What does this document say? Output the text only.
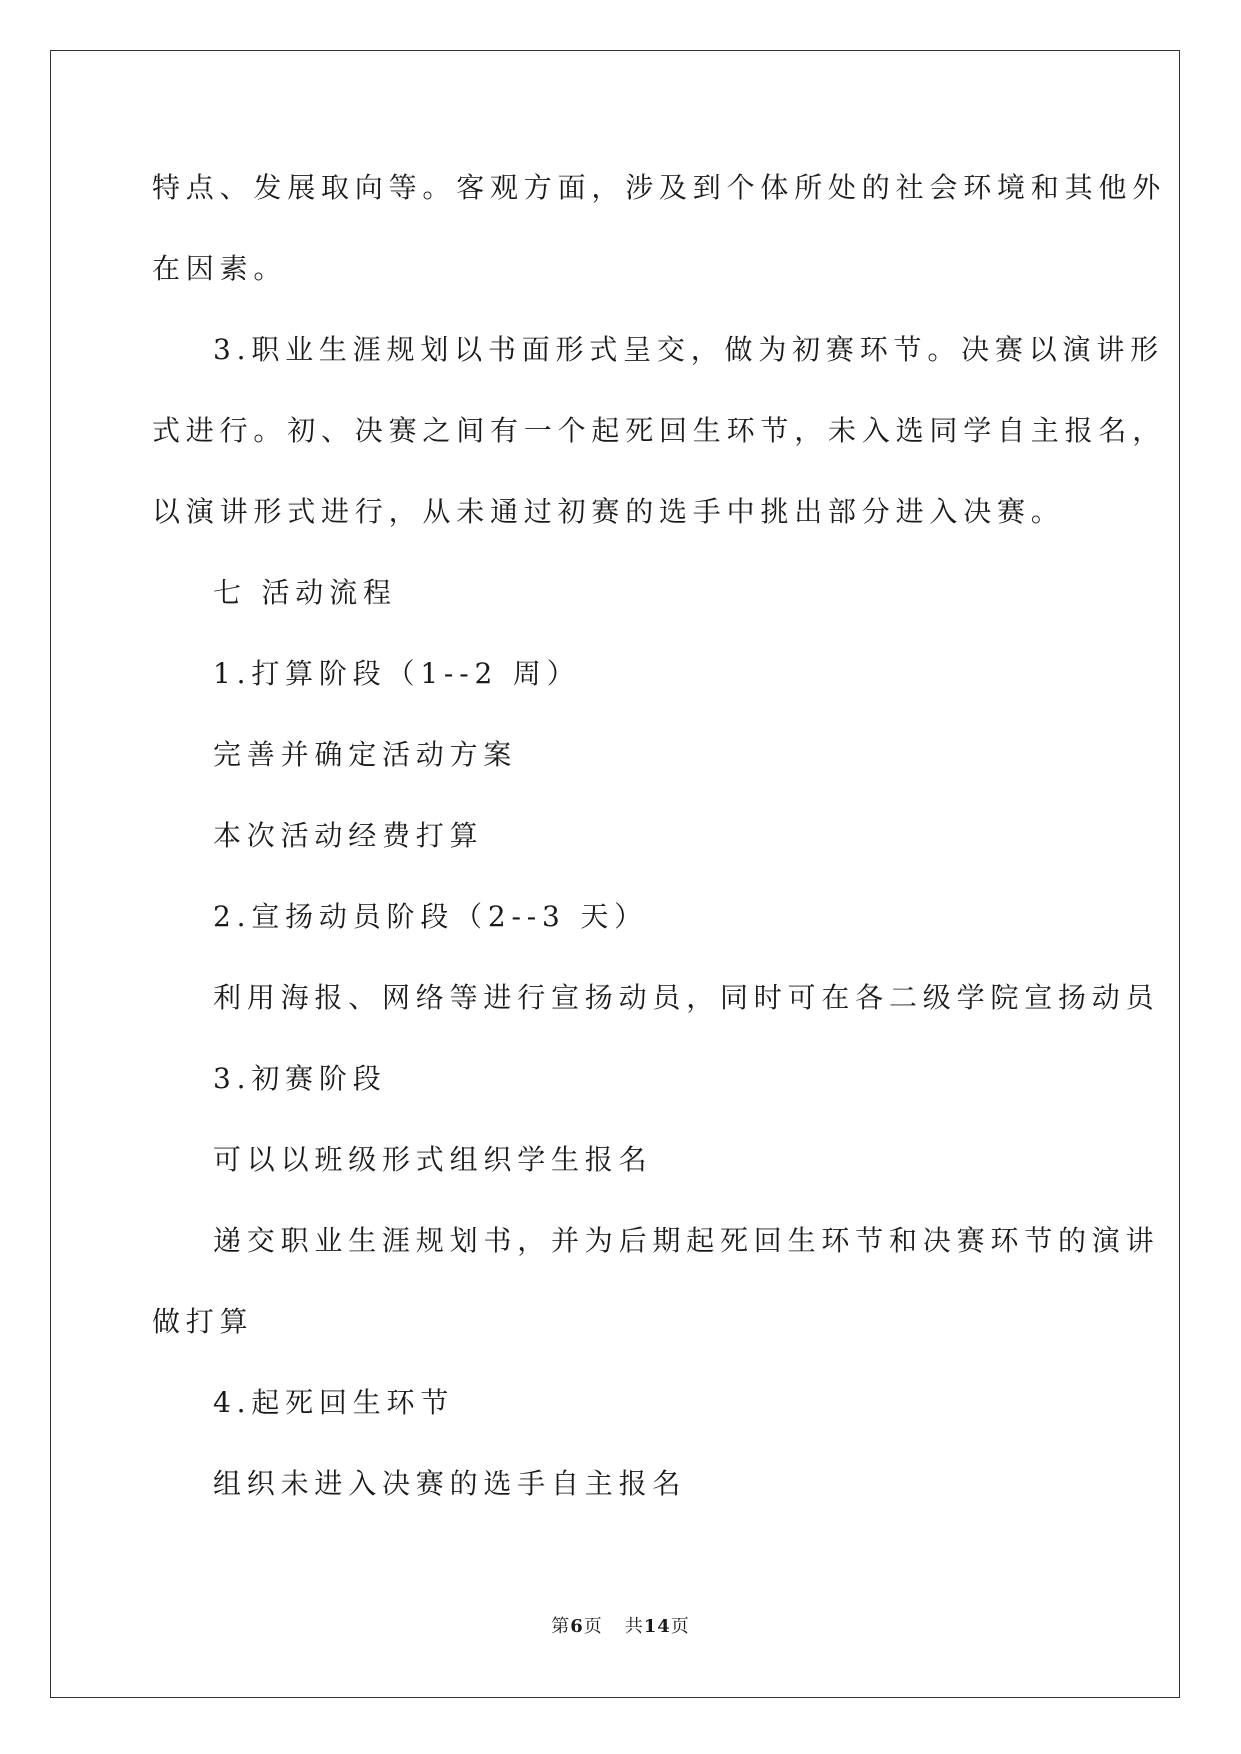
特点、发展取向等。客观方面，涉及到个体所处的社会环境和其他外
在因素。
3.职业生涯规划以书面形式呈交，做为初赛环节。决赛以演讲形
式进行。初、决赛之间有一个起死回生环节，未入选同学自主报名，
以演讲形式进行，从未通过初赛的选手中挑出部分进入决赛。
七 活动流程
1.打算阶段（1--2 周）
完善并确定活动方案
本次活动经费打算
2.宣扬动员阶段（2--3 天）
利用海报、网络等进行宣扬动员，同时可在各二级学院宣扬动员
3.初赛阶段
可以以班级形式组织学生报名
递交职业生涯规划书，并为后期起死回生环节和决赛环节的演讲
做打算
4.起死回生环节
组织未进入决赛的选手自主报名
第6页 共14页
